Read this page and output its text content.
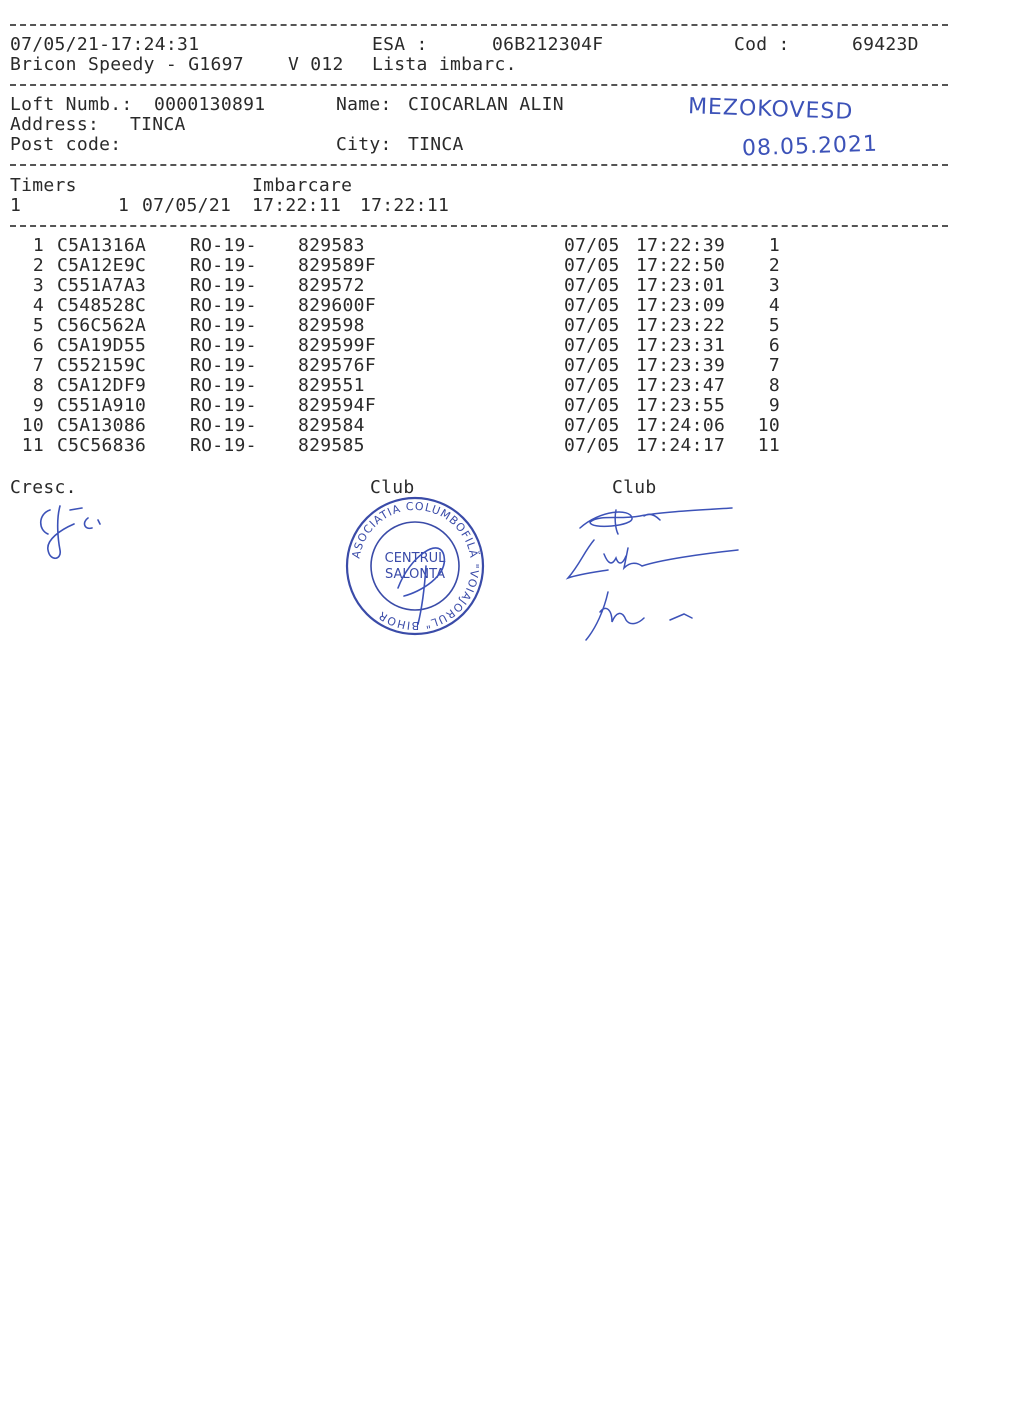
07/05/21-17:24:31	ESA :	06B212304F	Cod :	69423D
Bricon Speedy - G1697 V 012 Lista imbarc.
Loft Numb.: 0000130891	Name: CIOCARLAN ALIN
Address: TINCA
Post code:	City: TINCA
MEZOKOVESD
08.05.2021
Timers	Imbarcare
1	1 07/05/21 17:22:11 17:22:11
1 C5A1316A	RO-19-	829583	07/05 17:22:39	1
2 C5A12E9C	RO-19-	829589F	07/05 17:22:50	2
3 C551A7A3	RO-19-	829572	07/05 17:23:01	3
4 C548528C	RO-19-	829600F	07/05 17:23:09	4
5 C56C562A	RO-19-	829598	07/05 17:23:22	5
6 C5A19D55	RO-19-	829599F	07/05 17:23:31	6
7 C552159C	RO-19-	829576F	07/05 17:23:39	7
8 C5A12DF9	RO-19-	829551	07/05 17:23:47	8
9 C551A910	RO-19-	829594F	07/05 17:23:55	9
10 C5A13086	RO-19-	829584	07/05 17:24:06	10
11 C5C56836	RO-19-	829585	07/05 17:24:17	11
Cresc.	Club	Club
ASOCIATIA COLUMBOFILĂ "VOIAJORUL" BIHOR
CENTRUL
SALONTA
